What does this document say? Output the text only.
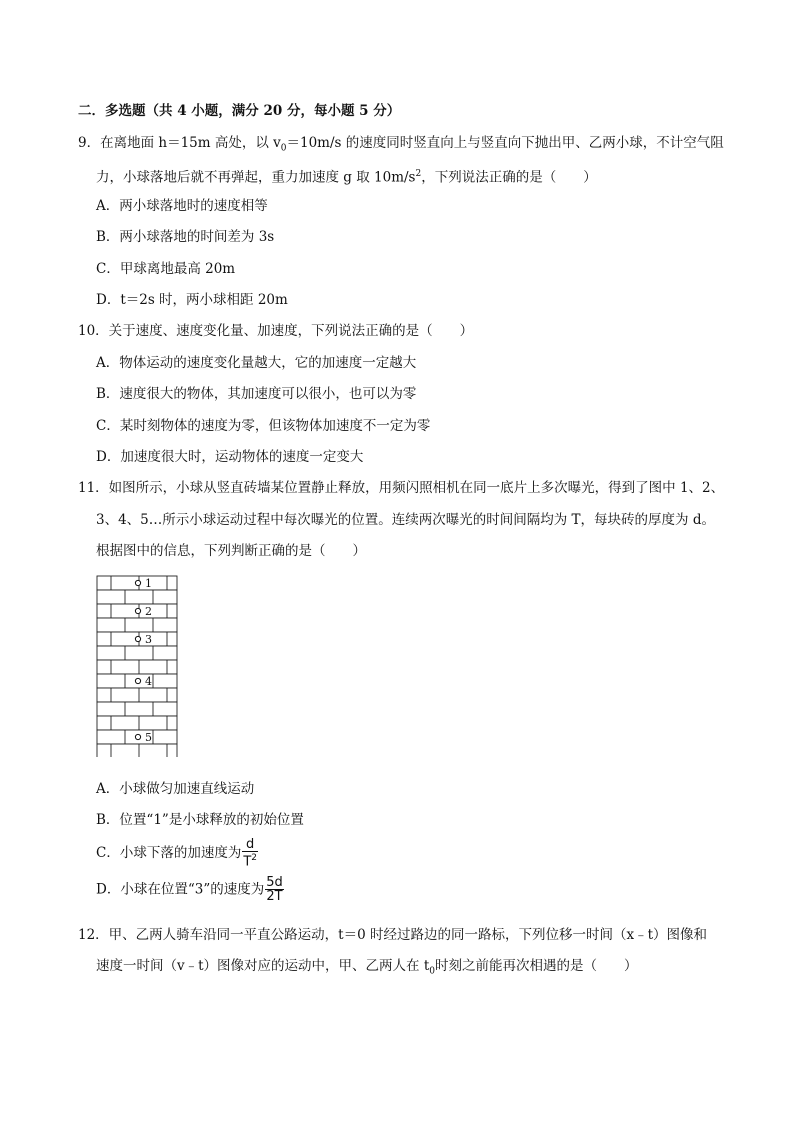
二．多选题（共 4 小题，满分 20 分，每小题 5 分）
9．在离地面 h＝15m 高处，以 $v_0=10m/s$ 的速度同时竖直向上与竖直向下抛出甲、乙两小球，不计空气阻
力，小球落地后就不再弹起，重力加速度 g 取 $10m/s^2$，下列说法正确的是（　　）
A．两小球落地时的速度相等
B．两小球落地的时间差为 3s
C．甲球离地最高 20m
D．t＝2s 时，两小球相距 20m
10．关于速度、速度变化量、加速度，下列说法正确的是（　　）
A．物体运动的速度变化量越大，它的加速度一定越大
B．速度很大的物体，其加速度可以很小，也可以为零
C．某时刻物体的速度为零，但该物体加速度不一定为零
D．加速度很大时，运动物体的速度一定变大
11．如图所示，小球从竖直砖墙某位置静止释放，用频闪照相机在同一底片上多次曝光，得到了图中 1、2、
3、4、5…所示小球运动过程中每次曝光的位置。连续两次曝光的时间间隔均为 T，每块砖的厚度为 d。
根据图中的信息，下列判断正确的是（　　）
1
2
3
4
5
A．小球做匀加速直线运动
B．位置“1”是小球释放的初始位置
C．小球下落的加速度为 $\frac{d}{T^2}$
D．小球在位置“3”的速度为 $\frac{5d}{2T}$
12．甲、乙两人骑车沿同一平直公路运动，t＝0 时经过路边的同一路标，下列位移一时间（x﹣t）图像和
速度一时间（v﹣t）图像对应的运动中，甲、乙两人在 $t_0$时刻之前能再次相遇的是（　　）
